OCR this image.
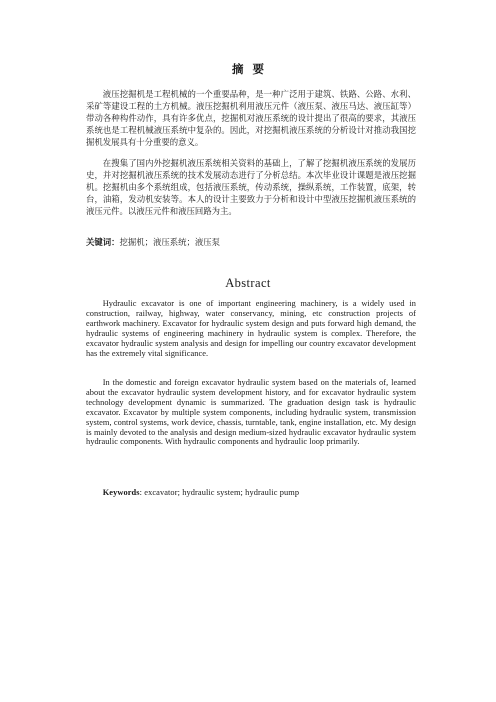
摘要

液压挖掘机是工程机械的一个重要品种，是一种广泛用于建筑、铁路、公路、水利、采矿等建设工程的土方机械。液压挖掘机利用液压元件（液压泵、液压马达、液压缸等）带动各种构件动作，具有许多优点，挖掘机对液压系统的设计提出了很高的要求，其液压系统也是工程机械液压系统中复杂的。因此，对挖掘机液压系统的分析设计对推动我国挖掘机发展具有十分重要的意义。

在搜集了国内外挖掘机液压系统相关资料的基础上，了解了挖掘机液压系统的发展历史，并对挖掘机液压系统的技术发展动态进行了分析总结。本次毕业设计课题是液压挖掘机。挖掘机由多个系统组成，包括液压系统，传动系统，操纵系统，工作装置，底架，转台，油箱，发动机安装等。本人的设计主要致力于分析和设计中型液压挖掘机液压系统的液压元件。以液压元件和液压回路为主。

关键词：挖掘机；液压系统；液压泵
Abstract

Hydraulic excavator is one of important engineering machinery, is a widely used in construction, railway, highway, water conservancy, mining, etc construction projects of earthwork machinery. Excavator for hydraulic system design and puts forward high demand, the hydraulic systems of engineering machinery in hydraulic system is complex. Therefore, the excavator hydraulic system analysis and design for impelling our country excavator development has the extremely vital significance.

In the domestic and foreign excavator hydraulic system based on the materials of, learned about the excavator hydraulic system development history, and for excavator hydraulic system technology development dynamic is summarized. The graduation design task is hydraulic excavator. Excavator by multiple system components, including hydraulic system, transmission system, control systems, work device, chassis, turntable, tank, engine installation, etc. My design is mainly devoted to the analysis and design medium-sized hydraulic excavator hydraulic system hydraulic components. With hydraulic components and hydraulic loop primarily.

Keywords: excavator; hydraulic system; hydraulic pump
